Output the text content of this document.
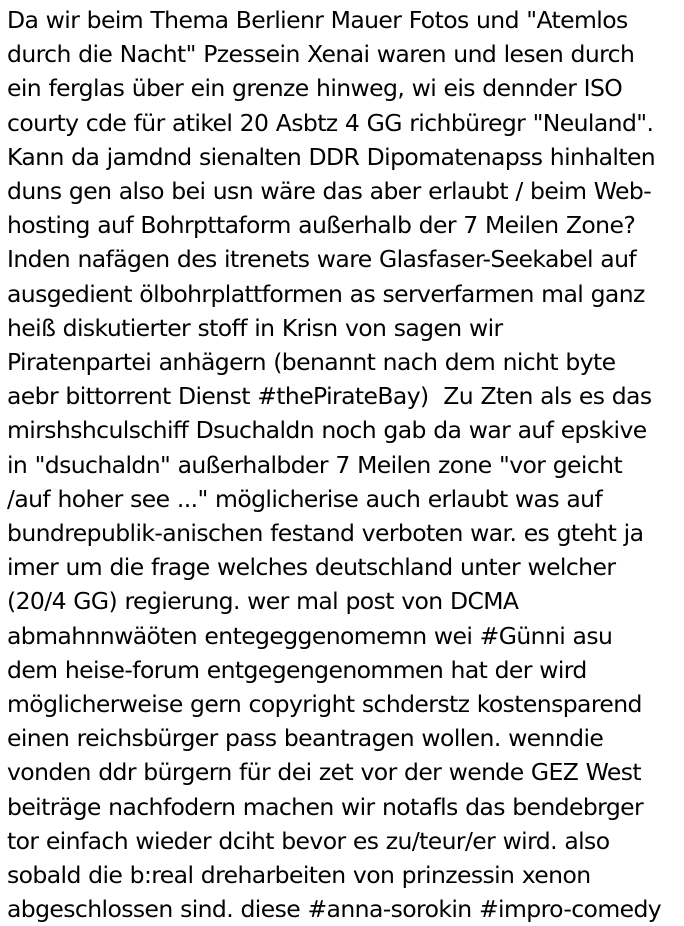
Da wir beim Thema Berlienr Mauer Fotos und "Atemlos
durch die Nacht" Pzessein Xenai waren und lesen durch
ein ferglas über ein grenze hinweg, wi eis dennder ISO
courty cde für atikel 20 Asbtz 4 GG richbüregr "Neuland".
Kann da jamdnd sienalten DDR Dipomatenapss hinhalten
duns gen also bei usn wäre das aber erlaubt / beim Web-
hosting auf Bohrpttaform außerhalb der 7 Meilen Zone?
Inden nafägen des itrenets ware Glasfaser-Seekabel auf
ausgedient ölbohrplattformen as serverfarmen mal ganz
heiß diskutierter stoff in Krisn von sagen wir
Piratenpartei anhägern (benannt nach dem nicht byte
aebr bittorrent Dienst #thePirateBay)  Zu Zten als es das
mirshshculschiff Dsuchaldn noch gab da war auf epskive
in "dsuchaldn" außerhalbder 7 Meilen zone "vor geicht
/auf hoher see ..." möglicherise auch erlaubt was auf
bundrepublik-anischen festand verboten war. es gteht ja
imer um die frage welches deutschland unter welcher
(20/4 GG) regierung. wer mal post von DCMA
abmahnnwäöten entegeggenomemn wei #Günni asu
dem heise-forum entgegengenommen hat der wird
möglicherweise gern copyright schderstz kostensparend
einen reichsbürger pass beantragen wollen. wenndie
vonden ddr bürgern für dei zet vor der wende GEZ West
beiträge nachfodern machen wir notafls das bendebrger
tor einfach wieder dciht bevor es zu/teur/er wird. also
sobald die b:real dreharbeiten von prinzessin xenon
abgeschlossen sind. diese #anna-sorokin #impro-comedy
